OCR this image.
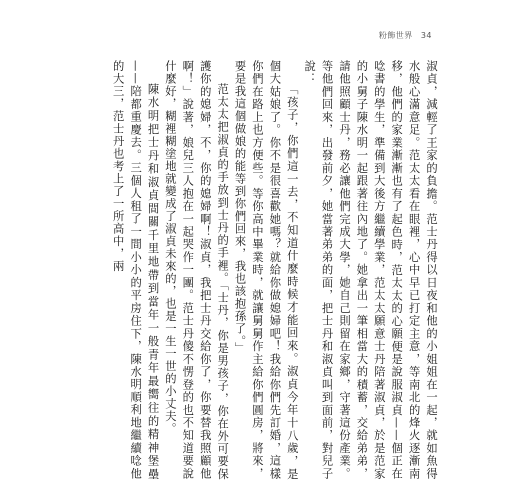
粉飾世界 34

淑貞，減輕了王家的負擔。范士丹得以日夜和他的小姐姐在一起，就如魚得水般心滿意足。范太太看在眼裡，心中早已打定主意，等南北的烽火逐漸南移，他們的家業漸漸也有了起色時，范太太的心願便是說服淑貞——個正在唸書的學生，準備到大後方繼續學業，范太太願意士丹陪著淑貞，於是范家的小舅子陳水明一起跟著往內地了。她拿出一筆相當大的積蓄，交給弟弟，請他照顧士丹，務必讓他們完成大學，她自己則留在家鄉，守著這份產業。等他們回來，出發前夕，她當著弟弟的面，把士丹和淑貞叫到面前，對兒子說：

「孩子，你們這一去，不知道什麼時候才能回來。淑貞今年十八歲，是個大姑娘了。你不是很喜歡她嗎？就給你做媳婦吧！我給你們先訂婚，這樣你們在路上也方便些。等你高中畢業時，就讓舅舅作主給你們圓房，將來，要是我這個做娘的能等到你們回來，我也該抱孫了。」

范太太把淑貞的手放到士丹的手裡。「士丹，你是男孩子，你在外可要保護你的媳婦，不，你的媳婦啊！淑貞，我把士丹交給你了，你要替我照顧他啊！」說著，娘兒三人抱在一起哭作一團。范士丹傻不愣登的也不知道要說什麼好，糊裡糊塗地就變成了淑貞未來的，也是一生一世的小丈夫。

陳水明把士丹和淑貞間關千里地帶到當年一般青年最嚮往的精神堡壘——陪都重慶去。三個人租了一間小小的平房住下，陳水明順利地繼續唸他的大三，范士丹也考上了一所高中，兩
